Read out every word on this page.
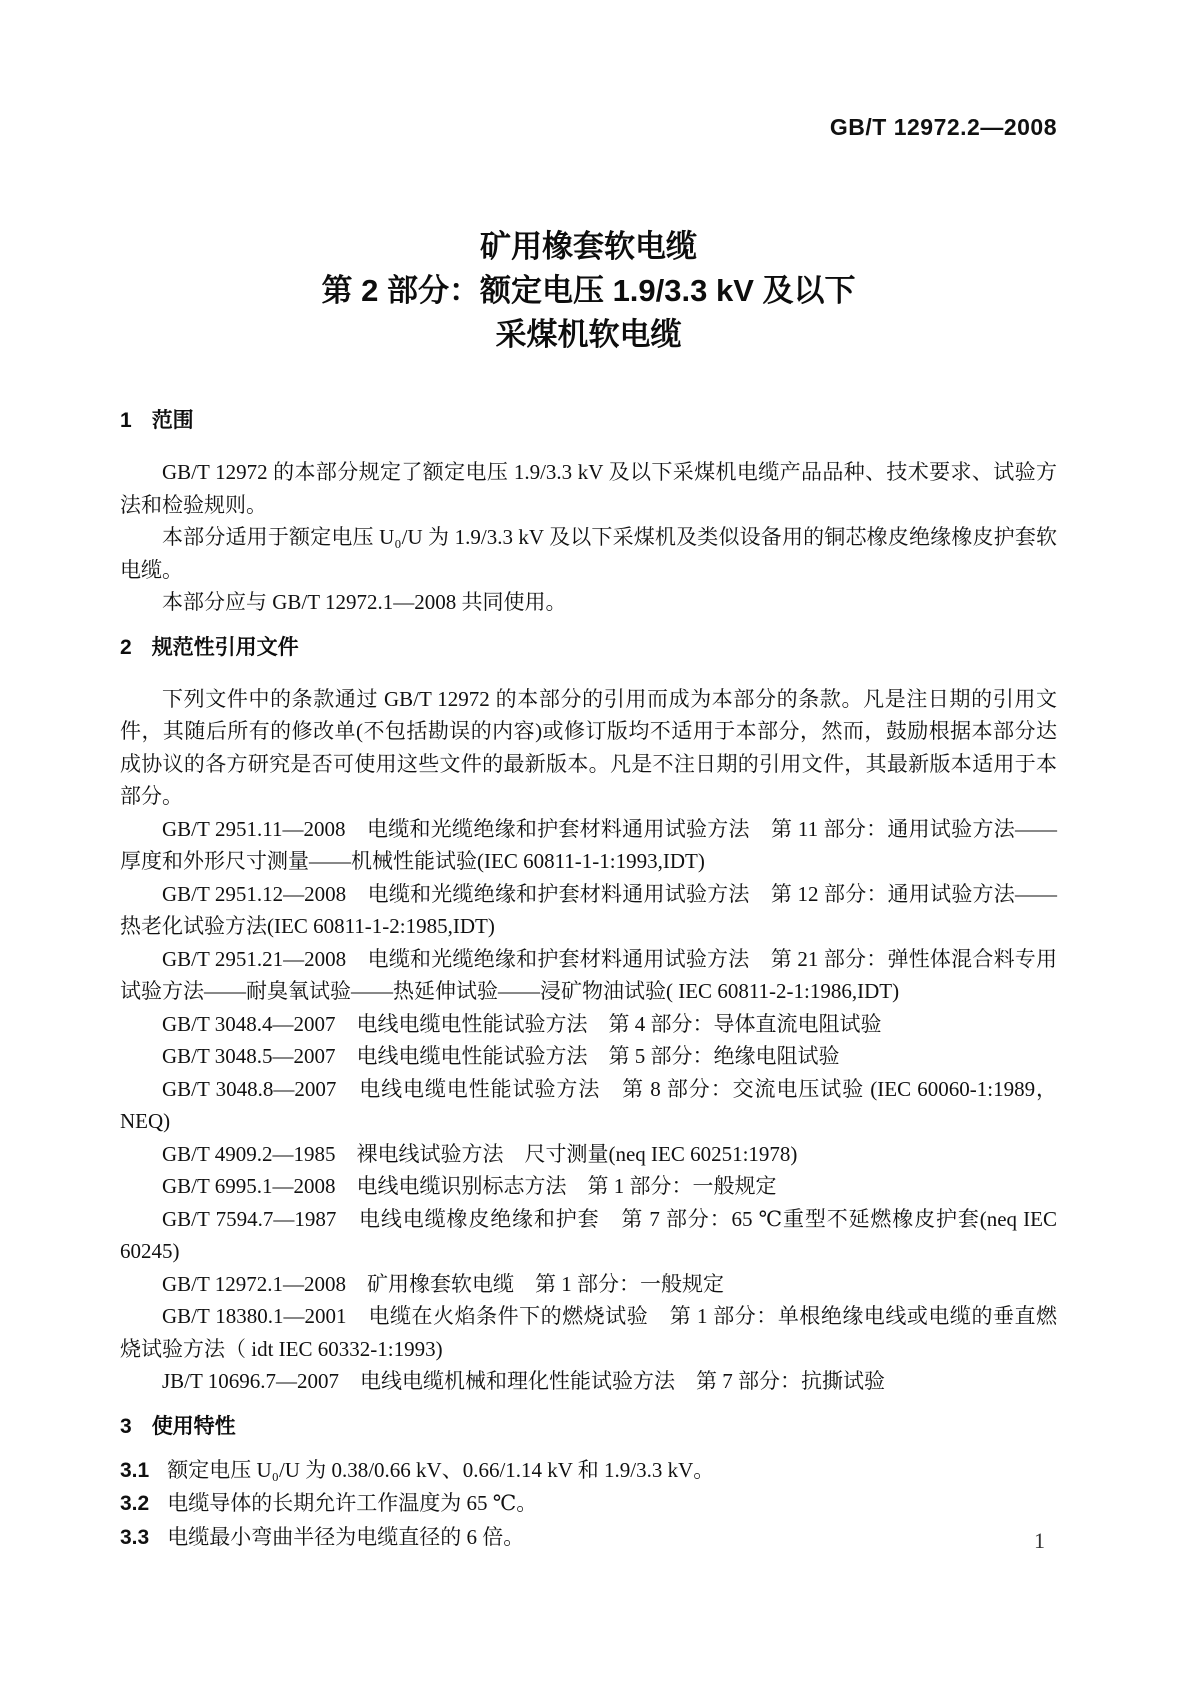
GB/T 12972.2—2008
矿用橡套软电缆
第 2 部分：额定电压 1.9/3.3 kV 及以下
采煤机软电缆
1 范围

GB/T 12972 的本部分规定了额定电压 1.9/3.3 kV 及以下采煤机电缆产品品种、技术要求、试验方法和检验规则。

本部分适用于额定电压 U₀/U 为 1.9/3.3 kV 及以下采煤机及类似设备用的铜芯橡皮绝缘橡皮护套软电缆。

本部分应与 GB/T 12972.1—2008 共同使用。

2 规范性引用文件

下列文件中的条款通过 GB/T 12972 的本部分的引用而成为本部分的条款。凡是注日期的引用文件，其随后所有的修改单(不包括勘误的内容)或修订版均不适用于本部分，然而，鼓励根据本部分达成协议的各方研究是否可使用这些文件的最新版本。凡是不注日期的引用文件，其最新版本适用于本部分。

GB/T 2951.11—2008　电缆和光缆绝缘和护套材料通用试验方法　第 11 部分：通用试验方法——厚度和外形尺寸测量——机械性能试验(IEC 60811-1-1:1993,IDT)

GB/T 2951.12—2008　电缆和光缆绝缘和护套材料通用试验方法　第 12 部分：通用试验方法——热老化试验方法(IEC 60811-1-2:1985,IDT)

GB/T 2951.21—2008　电缆和光缆绝缘和护套材料通用试验方法　第 21 部分：弹性体混合料专用试验方法——耐臭氧试验——热延伸试验——浸矿物油试验( IEC 60811-2-1:1986,IDT)

GB/T 3048.4—2007　电线电缆电性能试验方法　第 4 部分：导体直流电阻试验

GB/T 3048.5—2007　电线电缆电性能试验方法　第 5 部分：绝缘电阻试验

GB/T 3048.8—2007　电线电缆电性能试验方法　第 8 部分：交流电压试验 (IEC 60060-1:1989，NEQ)

GB/T 4909.2—1985　裸电线试验方法　尺寸测量(neq IEC 60251:1978)

GB/T 6995.1—2008　电线电缆识别标志方法　第 1 部分：一般规定

GB/T 7594.7—1987　电线电缆橡皮绝缘和护套　第 7 部分：65 ℃重型不延燃橡皮护套(neq IEC 60245)

GB/T 12972.1—2008　矿用橡套软电缆　第 1 部分：一般规定

GB/T 18380.1—2001　电缆在火焰条件下的燃烧试验　第 1 部分：单根绝缘电线或电缆的垂直燃烧试验方法（ idt IEC 60332-1:1993)

JB/T 10696.7—2007　电线电缆机械和理化性能试验方法　第 7 部分：抗撕试验

3 使用特性

3.1 额定电压 U₀/U 为 0.38/0.66 kV、0.66/1.14 kV 和 1.9/3.3 kV。

3.2 电缆导体的长期允许工作温度为 65 ℃。

3.3 电缆最小弯曲半径为电缆直径的 6 倍。	1
